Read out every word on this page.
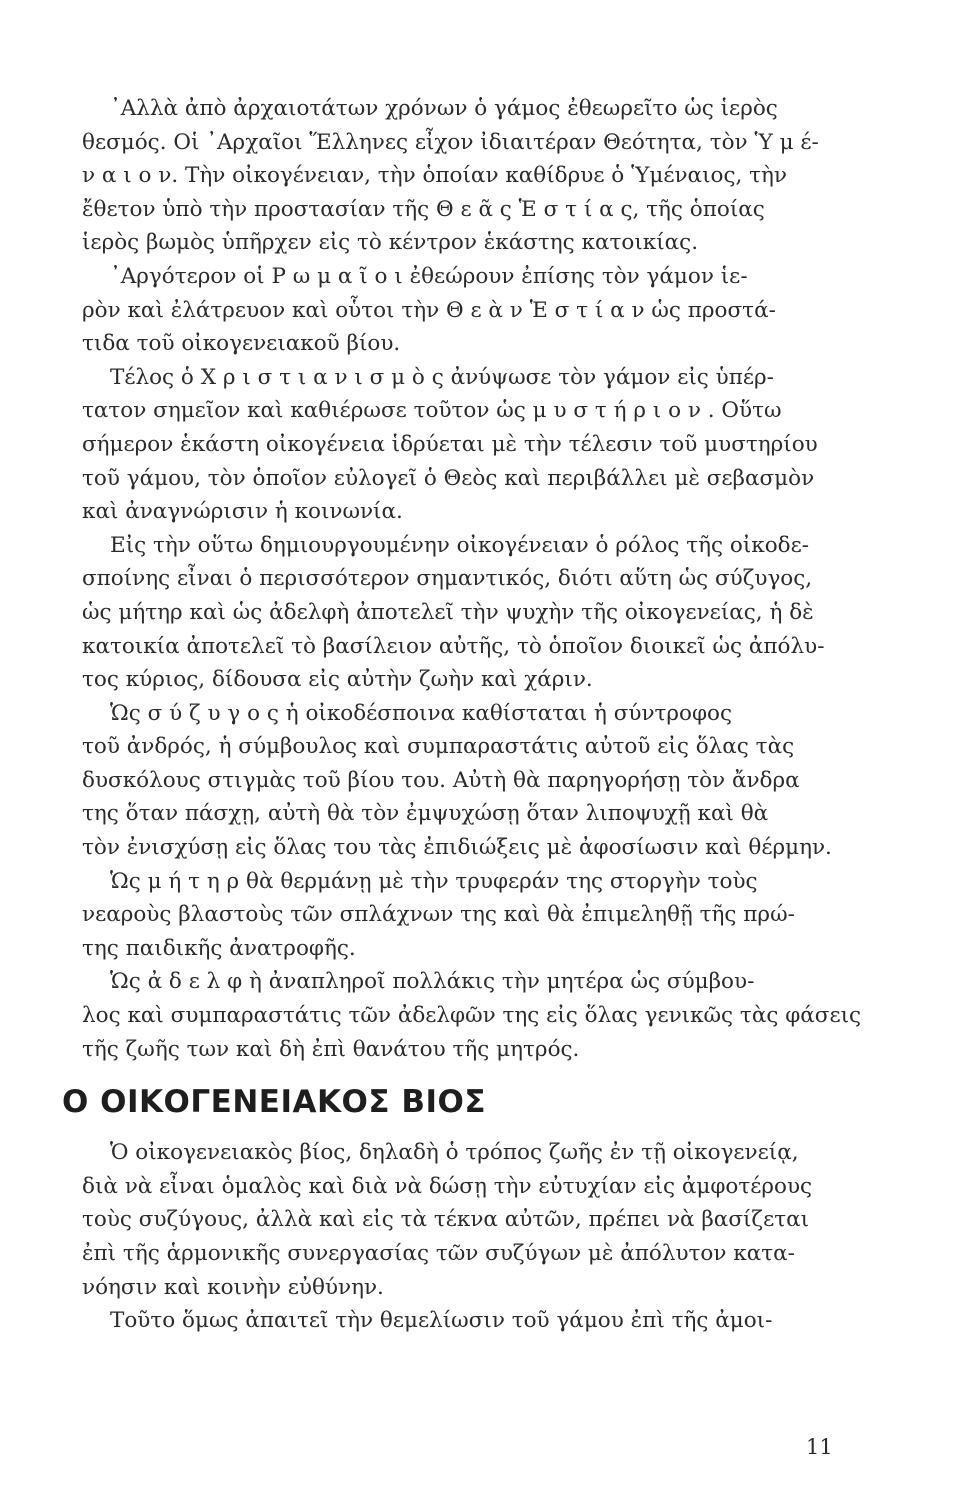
᾿Αλλὰ ἀπὸ ἀρχαιοτάτων χρόνων ὁ γάμος ἐθεωρεῖτο ὡς ἱερὸς
θεσμός. Οἱ ᾿Αρχαῖοι Ἕλληνες εἶχον ἰδιαιτέραν Θεότητα, τὸν Ὑ μ έ-
ν α ι ο ν. Τὴν οἰκογένειαν, τὴν ὁποίαν καθίδρυε ὁ Ὑμέναιος, τὴν
ἔθετον ὑπὸ τὴν προστασίαν τῆς Θ ε ᾶ ς Ἑ σ τ ί α ς, τῆς ὁποίας
ἱερὸς βωμὸς ὑπῆρχεν εἰς τὸ κέντρον ἑκάστης κατοικίας.
᾿Αργότερον οἱ Ρ ω μ α ῖ ο ι ἐθεώρουν ἐπίσης τὸν γάμον ἱε-
ρὸν καὶ ἐλάτρευον καὶ οὗτοι τὴν Θ ε ὰ ν Ἑ σ τ ί α ν ὡς προστά-
τιδα τοῦ οἰκογενειακοῦ βίου.
Τέλος ὁ Χ ρ ι σ τ ι α ν ι σ μ ὸ ς ἀνύψωσε τὸν γάμον εἰς ὑπέρ-
τατον σημεῖον καὶ καθιέρωσε τοῦτον ὡς μ υ σ τ ή ρ ι ο ν . Οὕτω
σήμερον ἑκάστη οἰκογένεια ἱδρύεται μὲ τὴν τέλεσιν τοῦ μυστηρίου
τοῦ γάμου, τὸν ὁποῖον εὐλογεῖ ὁ Θεὸς καὶ περιβάλλει μὲ σεβασμὸν
καὶ ἀναγνώρισιν ἡ κοινωνία.
Εἰς τὴν οὕτω δημιουργουμένην οἰκογένειαν ὁ ρόλος τῆς οἰκοδε-
σποίνης εἶναι ὁ περισσότερον σημαντικός, διότι αὕτη ὡς σύζυγος,
ὡς μήτηρ καὶ ὡς ἀδελφὴ ἀποτελεῖ τὴν ψυχὴν τῆς οἰκογενείας, ἡ δὲ
κατοικία ἀποτελεῖ τὸ βασίλειον αὐτῆς, τὸ ὁποῖον διοικεῖ ὡς ἀπόλυ-
τος κύριος, δίδουσα εἰς αὐτὴν ζωὴν καὶ χάριν.
Ὡς σ ύ ζ υ γ ο ς ἡ οἰκοδέσποινα καθίσταται ἡ σύντροφος
τοῦ ἀνδρός, ἡ σύμβουλος καὶ συμπαραστάτις αὐτοῦ εἰς ὅλας τὰς
δυσκόλους στιγμὰς τοῦ βίου του. Αὐτὴ θὰ παρηγορήσῃ τὸν ἄνδρα
της ὅταν πάσχῃ, αὐτὴ θὰ τὸν ἐμψυχώσῃ ὅταν λιποψυχῇ καὶ θὰ
τὸν ἐνισχύσῃ εἰς ὅλας του τὰς ἐπιδιώξεις μὲ ἀφοσίωσιν καὶ θέρμην.
Ὡς μ ή τ η ρ θὰ θερμάνῃ μὲ τὴν τρυφεράν της στοργὴν τοὺς
νεαροὺς βλαστοὺς τῶν σπλάχνων της καὶ θὰ ἐπιμεληθῇ τῆς πρώ-
της παιδικῆς ἀνατροφῆς.
Ὡς ἀ δ ε λ φ ὴ ἀναπληροῖ πολλάκις τὴν μητέρα ὡς σύμβου-
λος καὶ συμπαραστάτις τῶν ἀδελφῶν της εἰς ὅλας γενικῶς τὰς φάσεις
τῆς ζωῆς των καὶ δὴ ἐπὶ θανάτου τῆς μητρός.
Ο ΟΙΚΟΓΕΝΕΙΑΚΟΣ ΒΙΟΣ
Ὁ οἰκογενειακὸς βίος, δηλαδὴ ὁ τρόπος ζωῆς ἐν τῇ οἰκογενείᾳ,
διὰ νὰ εἶναι ὁμαλὸς καὶ διὰ νὰ δώσῃ τὴν εὐτυχίαν εἰς ἀμφοτέρους
τοὺς συζύγους, ἀλλὰ καὶ εἰς τὰ τέκνα αὐτῶν, πρέπει νὰ βασίζεται
ἐπὶ τῆς ἁρμονικῆς συνεργασίας τῶν συζύγων μὲ ἀπόλυτον κατα-
νόησιν καὶ κοινὴν εὐθύνην.
Τοῦτο ὅμως ἀπαιτεῖ τὴν θεμελίωσιν τοῦ γάμου ἐπὶ τῆς ἀμοι-
11
